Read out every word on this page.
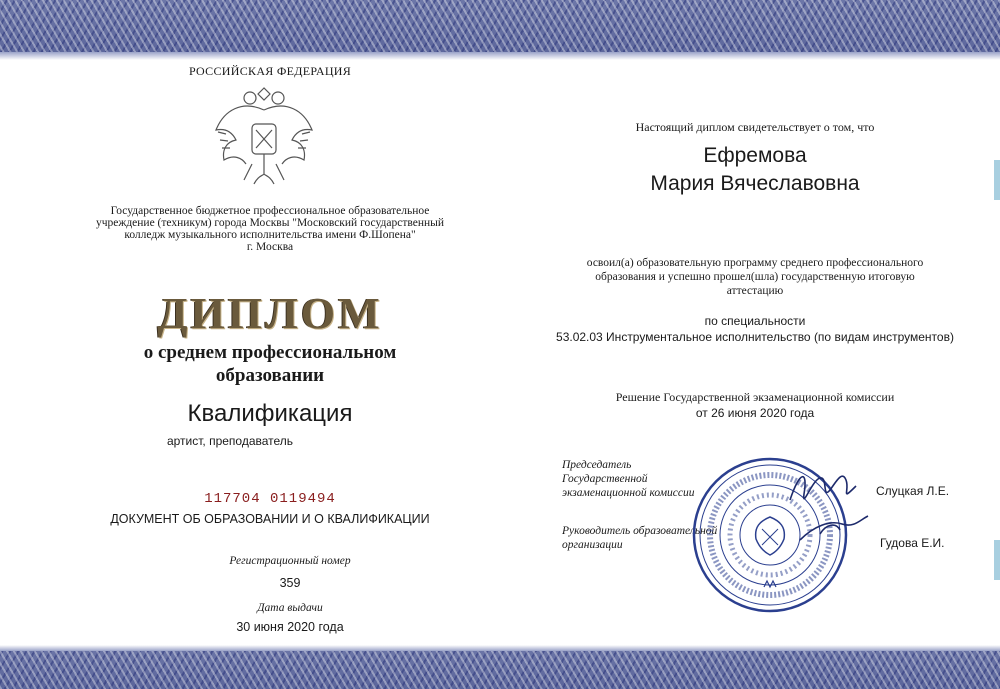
РОССИЙСКАЯ ФЕДЕРАЦИЯ
Государственное бюджетное профессиональное образовательное
учреждение (техникум) города Москвы "Московский государственный
колледж музыкального исполнительства имени Ф.Шопена"
г. Москва
ДИПЛОМ
о среднем профессиональном
образовании
Квалификация
артист, преподаватель
117704 0119494
ДОКУМЕНТ ОБ ОБРАЗОВАНИИ И О КВАЛИФИКАЦИИ
Регистрационный номер
359
Дата выдачи
30 июня 2020 года
Настоящий диплом свидетельствует о том, что
Ефремова
Мария Вячеславовна
освоил(а) образовательную программу среднего профессионального
образования и успешно прошел(шла) государственную итоговую
аттестацию
по специальности
53.02.03 Инструментальное исполнительство (по видам инструментов)
Решение Государственной экзаменационной комиссии
от 26 июня 2020 года
Председатель
Государственной
экзаменационной комиссии
Руководитель образовательной
организации
Слуцкая Л.Е.
Гудова Е.И.
